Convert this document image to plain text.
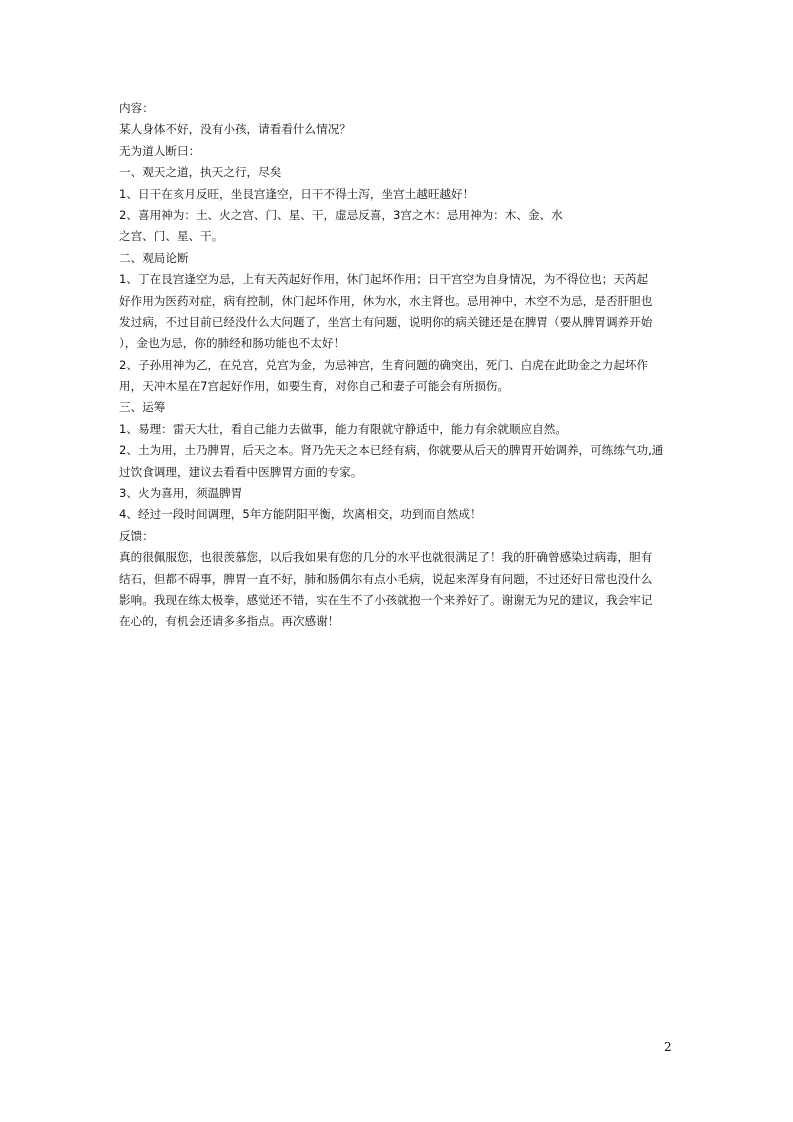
内容：
某人身体不好，没有小孩，请看看什么情况？
无为道人断曰：
一、观天之道，执天之行，尽矣
1、日干在亥月反旺，坐艮宫逢空，日干不得土泻，坐宫土越旺越好！
2、喜用神为：土、火之宫、门、星、干，虚忌反喜，3宫之木：忌用神为：木、金、水
之宫、门、星、干。
二、观局论断
1、丁在艮宫逢空为忌，上有天芮起好作用，休门起坏作用；日干宫空为自身情况，为不得位也；天芮起
好作用为医药对症，病有控制，休门起坏作用，休为水，水主肾也。忌用神中，木空不为忌，是否肝胆也
发过病，不过目前已经没什么大问题了，坐宫土有问题，说明你的病关键还是在脾胃（要从脾胃调养开始
），金也为忌，你的肺经和肠功能也不太好！
2、子孙用神为乙，在兑宫，兑宫为金，为忌神宫，生育问题的确突出，死门、白虎在此助金之力起坏作
用，天冲木星在7宫起好作用，如要生育，对你自己和妻子可能会有所损伤。
三、运筹
1、易理：雷天大壮，看自己能力去做事，能力有限就守静适中，能力有余就顺应自然。
2、土为用，土乃脾胃，后天之本。肾乃先天之本已经有病，你就要从后天的脾胃开始调养，可练练气功,通
过饮食调理，建议去看看中医脾胃方面的专家。
3、火为喜用，须温脾胃
4、经过一段时间调理，5年方能阴阳平衡，坎离相交，功到而自然成！
反馈：
真的很佩服您，也很羡慕您，以后我如果有您的几分的水平也就很满足了！我的肝确曾感染过病毒，胆有
结石，但都不碍事，脾胃一直不好，肺和肠偶尔有点小毛病，说起来浑身有问题，不过还好日常也没什么
影响。我现在练太极拳，感觉还不错，实在生不了小孩就抱一个来养好了。谢谢无为兄的建议，我会牢记
在心的，有机会还请多多指点。再次感谢！
2
